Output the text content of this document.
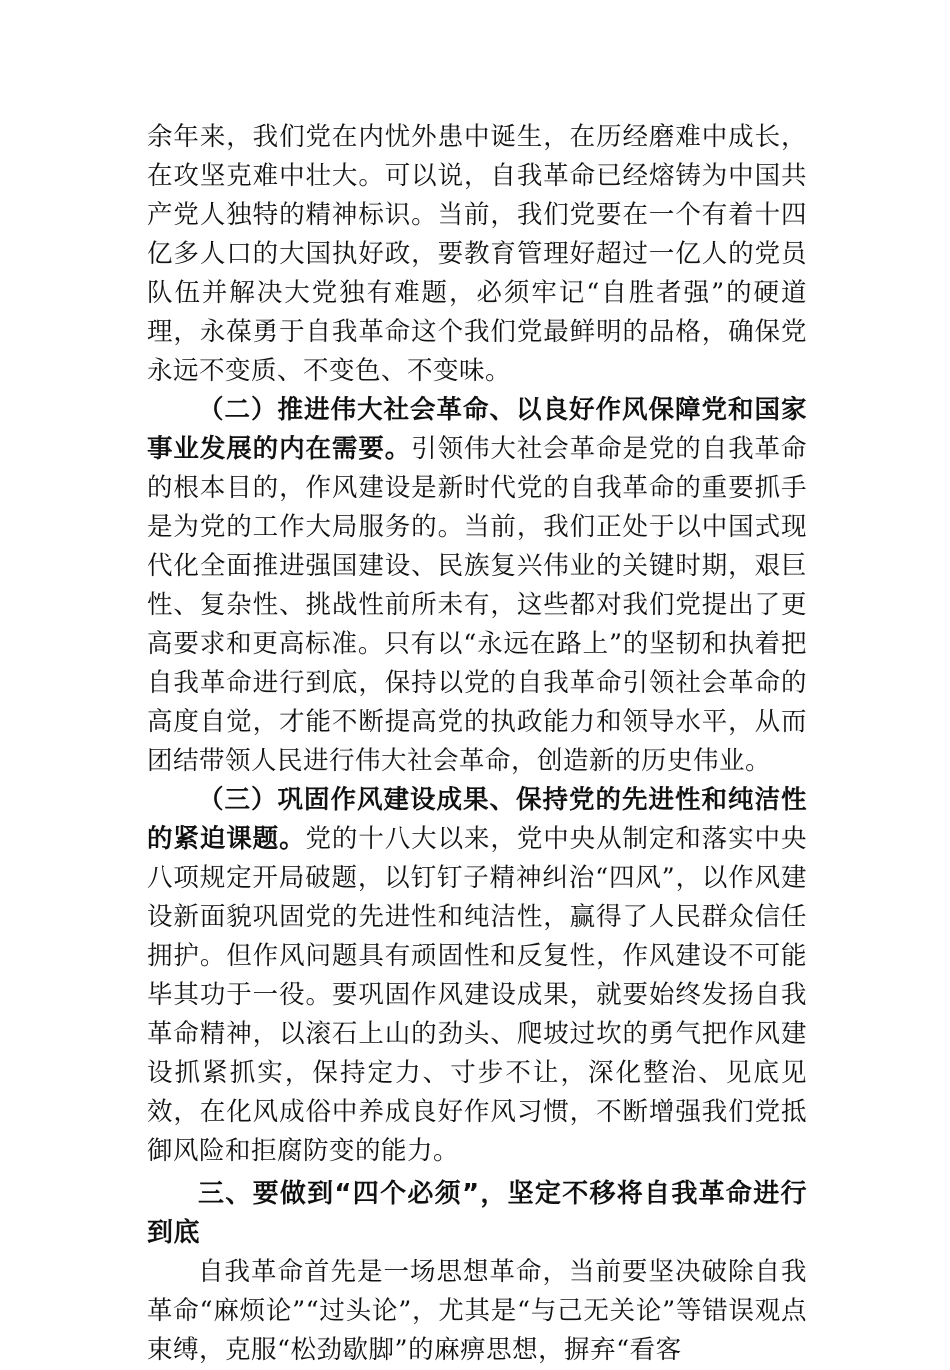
余年来，我们党在内忧外患中诞生，在历经磨难中成长，在攻坚克难中壮大。可以说，自我革命已经熔铸为中国共产党人独特的精神标识。当前，我们党要在一个有着十四亿多人口的大国执好政，要教育管理好超过一亿人的党员队伍并解决大党独有难题，必须牢记“自胜者强”的硬道理，永葆勇于自我革命这个我们党最鲜明的品格，确保党永远不变质、不变色、不变味。

（二）推进伟大社会革命、以良好作风保障党和国家事业发展的内在需要。引领伟大社会革命是党的自我革命的根本目的，作风建设是新时代党的自我革命的重要抓手是为党的工作大局服务的。当前，我们正处于以中国式现代化全面推进强国建设、民族复兴伟业的关键时期，艰巨性、复杂性、挑战性前所未有，这些都对我们党提出了更高要求和更高标准。只有以“永远在路上”的坚韧和执着把自我革命进行到底，保持以党的自我革命引领社会革命的高度自觉，才能不断提高党的执政能力和领导水平，从而团结带领人民进行伟大社会革命，创造新的历史伟业。

（三）巩固作风建设成果、保持党的先进性和纯洁性的紧迫课题。党的十八大以来，党中央从制定和落实中央八项规定开局破题，以钉钉子精神纠治“四风”，以作风建设新面貌巩固党的先进性和纯洁性，赢得了人民群众信任拥护。但作风问题具有顽固性和反复性，作风建设不可能毕其功于一役。要巩固作风建设成果，就要始终发扬自我革命精神，以滚石上山的劲头、爬坡过坎的勇气把作风建设抓紧抓实，保持定力、寸步不让，深化整治、见底见效，在化风成俗中养成良好作风习惯，不断增强我们党抵御风险和拒腐防变的能力。

三、要做到“四个必须”，坚定不移将自我革命进行到底

自我革命首先是一场思想革命，当前要坚决破除自我革命“麻烦论”“过头论”，尤其是“与己无关论”等错误观点束缚，克服“松劲歇脚”的麻痹思想，摒弃“看客
